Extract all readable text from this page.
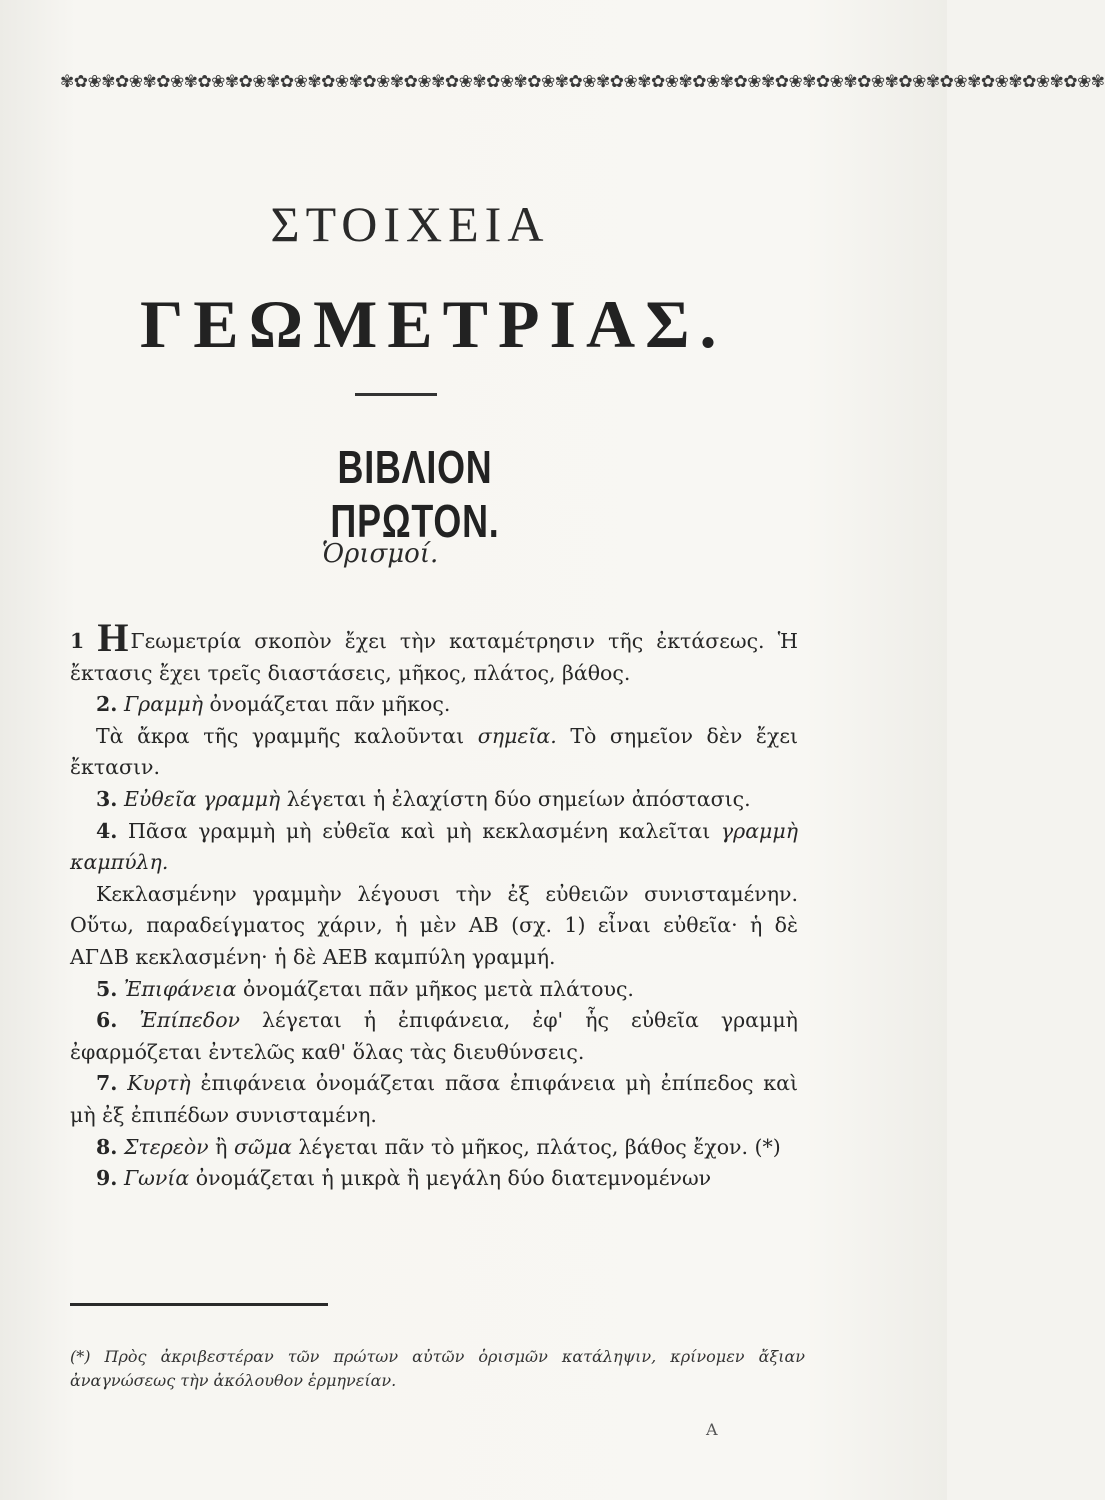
✾✿❀✾✿❀✾✿❀✾✿❀✾✿❀✾✿❀✾✿❀✾✿❀✾✿❀✾✿❀✾✿❀✾✿❀✾✿❀✾✿❀✾✿❀✾✿❀✾✿❀✾✿❀✾✿❀✾✿❀✾✿❀✾✿❀✾✿❀✾✿❀✾✿❀✾
ΣΤΟΙΧΕΙΑ
ΓΕΩΜΕΤΡΙΑΣ.
ΒΙΒΛΙΟΝ ΠΡΩΤΟΝ.
Ὁρισμοί.

1 ΗΓεωμετρία σκοπὸν ἔχει τὴν καταμέτρησιν τῆς ἐκτάσεως. Ἡ ἔκτασις ἔχει τρεῖς διαστάσεις, μῆκος, πλάτος, βάθος.

2. Γραμμὴ ὀνομάζεται πᾶν μῆκος.

Τὰ ἄκρα τῆς γραμμῆς καλοῦνται σημεῖα. Τὸ σημεῖον δὲν ἔχει ἔκτασιν.

3. Εὐθεῖα γραμμὴ λέγεται ἡ ἐλαχίστη δύο σημείων ἀπόστασις.

4. Πᾶσα γραμμὴ μὴ εὐθεῖα καὶ μὴ κεκλασμένη καλεῖται γραμμὴ καμπύλη.

Κεκλασμένην γραμμὴν λέγουσι τὴν ἐξ εὐθειῶν συνισταμένην. Οὕτω, παραδείγματος χάριν, ἡ μὲν ΑΒ (σχ. 1) εἶναι εὐθεῖα· ἡ δὲ ΑΓΔΒ κεκλασμένη· ἡ δὲ ΑΕΒ καμπύλη γραμμή.

5. Ἐπιφάνεια ὀνομάζεται πᾶν μῆκος μετὰ πλάτους.

6. Ἐπίπεδον λέγεται ἡ ἐπιφάνεια, ἐφ' ἧς εὐθεῖα γραμμὴ ἐφαρμόζεται ἐντελῶς καθ' ὅλας τὰς διευθύνσεις.

7. Κυρτὴ ἐπιφάνεια ὀνομάζεται πᾶσα ἐπιφάνεια μὴ ἐπίπεδος καὶ μὴ ἐξ ἐπιπέδων συνισταμένη.

8. Στερεὸν ἢ σῶμα λέγεται πᾶν τὸ μῆκος, πλάτος, βάθος ἔχον. (*)

9. Γωνία ὀνομάζεται ἡ μικρὰ ἢ μεγάλη δύο διατεμνομένων

(*) Πρὸς ἀκριβεστέραν τῶν πρώτων αὐτῶν ὁρισμῶν κατάληψιν, κρίνομεν ἄξιαν ἀναγνώσεως τὴν ἀκόλουθον ἑρμηνείαν.

A
